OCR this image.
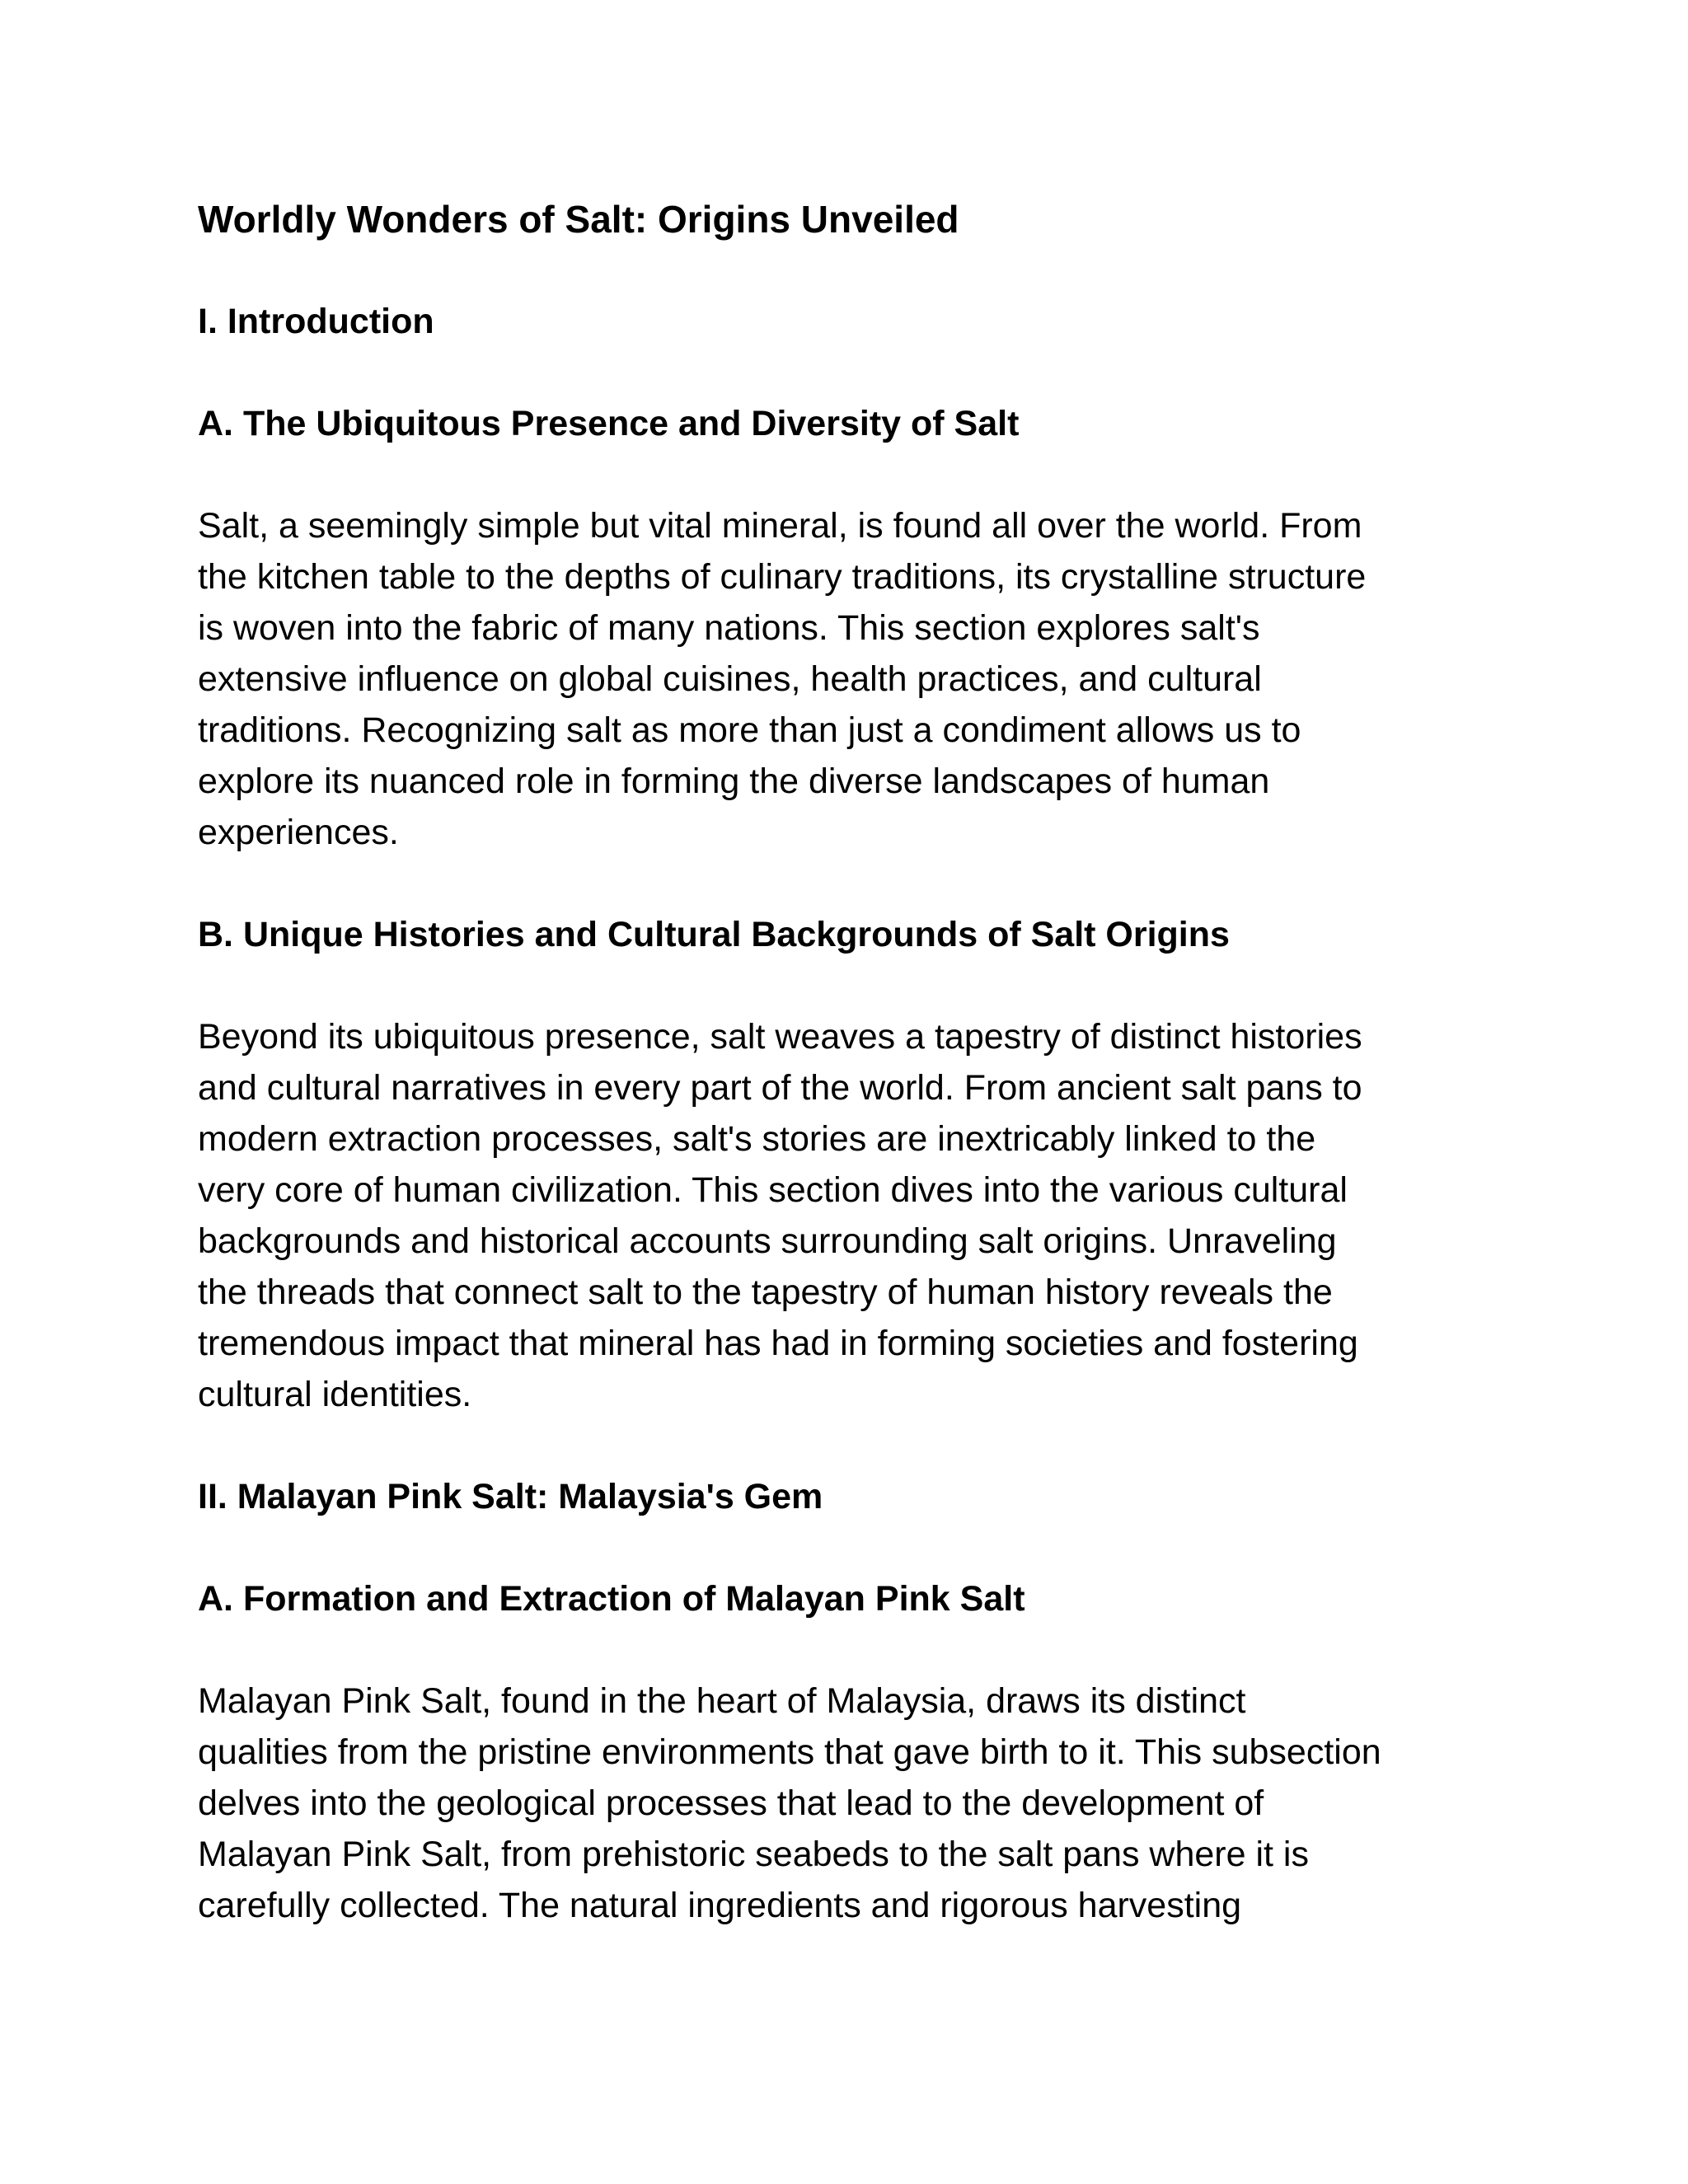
Worldly Wonders of Salt: Origins Unveiled
I. Introduction
A. The Ubiquitous Presence and Diversity of Salt

Salt, a seemingly simple but vital mineral, is found all over the world. From
the kitchen table to the depths of culinary traditions, its crystalline structure
is woven into the fabric of many nations. This section explores salt's
extensive influence on global cuisines, health practices, and cultural
traditions. Recognizing salt as more than just a condiment allows us to
explore its nuanced role in forming the diverse landscapes of human
experiences.

B. Unique Histories and Cultural Backgrounds of Salt Origins

Beyond its ubiquitous presence, salt weaves a tapestry of distinct histories
and cultural narratives in every part of the world. From ancient salt pans to
modern extraction processes, salt's stories are inextricably linked to the
very core of human civilization. This section dives into the various cultural
backgrounds and historical accounts surrounding salt origins. Unraveling
the threads that connect salt to the tapestry of human history reveals the
tremendous impact that mineral has had in forming societies and fostering
cultural identities.

II. Malayan Pink Salt: Malaysia's Gem
A. Formation and Extraction of Malayan Pink Salt

Malayan Pink Salt, found in the heart of Malaysia, draws its distinct
qualities from the pristine environments that gave birth to it. This subsection
delves into the geological processes that lead to the development of
Malayan Pink Salt, from prehistoric seabeds to the salt pans where it is
carefully collected. The natural ingredients and rigorous harvesting
